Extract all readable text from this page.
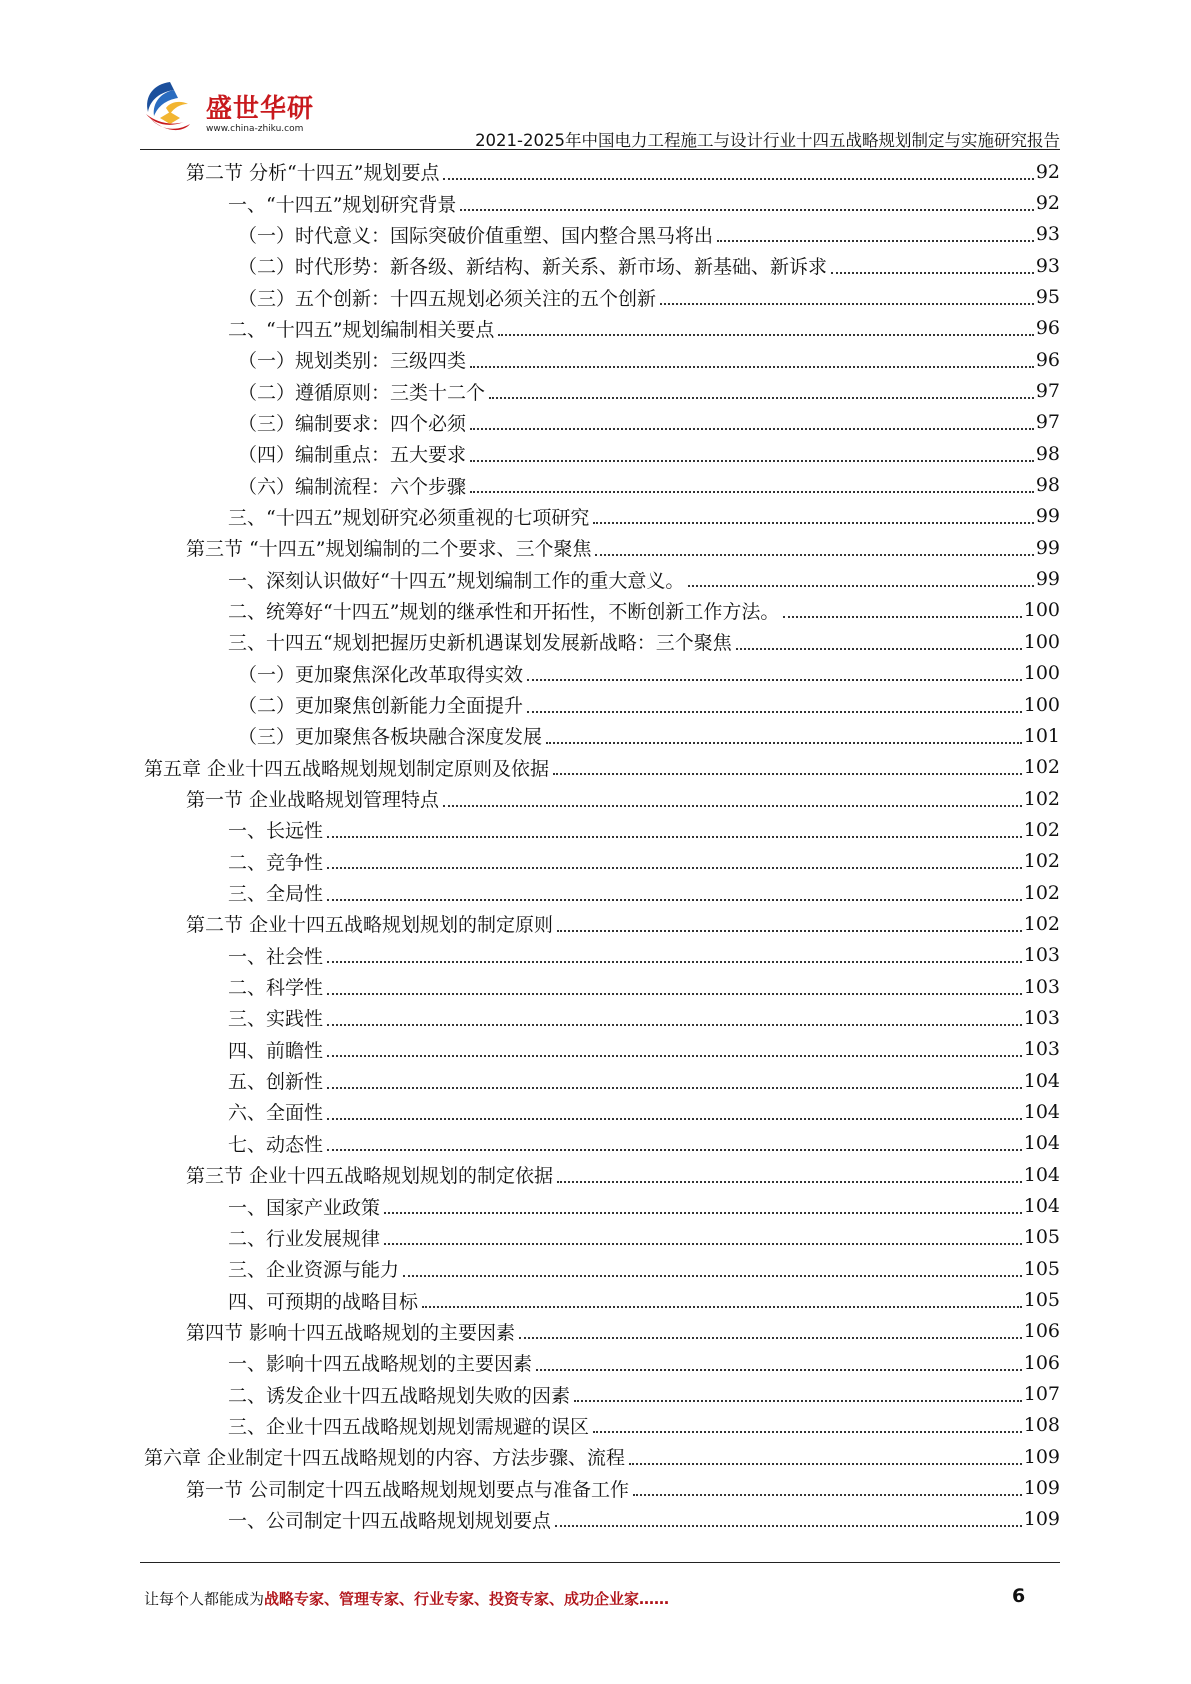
盛世华研
www.china-zhiku.com
2021-2025年中国电力工程施工与设计行业十四五战略规划制定与实施研究报告
第二节 分析“十四五”规划要点	92
一、“十四五”规划研究背景	92
（一）时代意义：国际突破价值重塑、国内整合黑马将出	93
（二）时代形势：新各级、新结构、新关系、新市场、新基础、新诉求	93
（三）五个创新：十四五规划必须关注的五个创新	95
二、“十四五”规划编制相关要点	96
（一）规划类别：三级四类	96
（二）遵循原则：三类十二个	97
（三）编制要求：四个必须	97
（四）编制重点：五大要求	98
（六）编制流程：六个步骤	98
三、“十四五”规划研究必须重视的七项研究	99
第三节 “十四五”规划编制的二个要求、三个聚焦	99
一、深刻认识做好“十四五”规划编制工作的重大意义。	99
二、统筹好“十四五”规划的继承性和开拓性，不断创新工作方法。	100
三、十四五“规划把握历史新机遇谋划发展新战略：三个聚焦	100
（一）更加聚焦深化改革取得实效	100
（二）更加聚焦创新能力全面提升	100
（三）更加聚焦各板块融合深度发展	101
第五章 企业十四五战略规划规划制定原则及依据	102
第一节 企业战略规划管理特点	102
一、长远性	102
二、竞争性	102
三、全局性	102
第二节 企业十四五战略规划规划的制定原则	102
一、社会性	103
二、科学性	103
三、实践性	103
四、前瞻性	103
五、创新性	104
六、全面性	104
七、动态性	104
第三节 企业十四五战略规划规划的制定依据	104
一、国家产业政策	104
二、行业发展规律	105
三、企业资源与能力	105
四、可预期的战略目标	105
第四节 影响十四五战略规划的主要因素	106
一、影响十四五战略规划的主要因素	106
二、诱发企业十四五战略规划失败的因素	107
三、企业十四五战略规划规划需规避的误区	108
第六章 企业制定十四五战略规划的内容、方法步骤、流程	109
第一节 公司制定十四五战略规划规划要点与准备工作	109
一、公司制定十四五战略规划规划要点	109
让每个人都能成为战略专家、管理专家、行业专家、投资专家、成功企业家……	6
